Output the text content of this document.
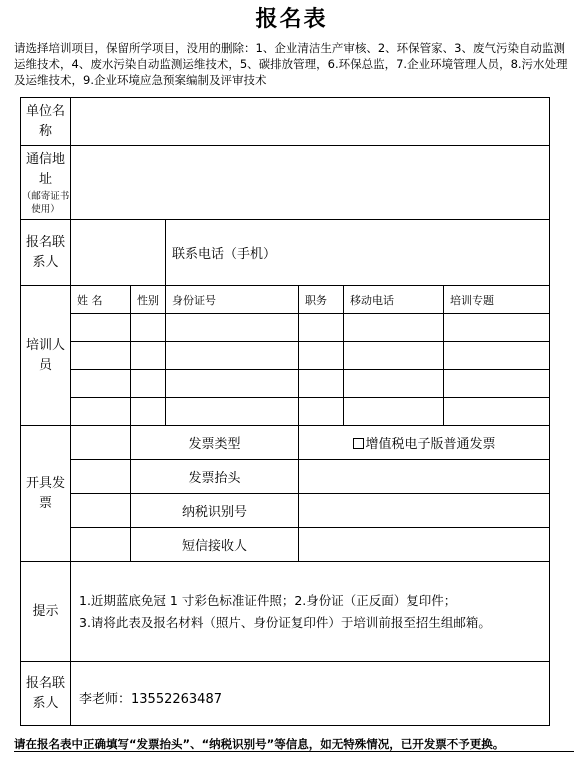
报名表
请选择培训项目，保留所学项目，没用的删除：1、企业清洁生产审核、2、环保管家、3、废气污染自动监测运维技术，4、废水污染自动监测运维技术，5、碳排放管理，6.环保总监，7.企业环境管理人员，8.污水处理及运维技术，9.企业环境应急预案编制及评审技术
单位名称						
通信地址
（邮寄证书使用）						

报名联系人			联系电话（手机）			
培训人员	姓 名	性别	身份证号	职务	移动电话	培训专题

开具发票		发票类型		增值税电子版普通发票		
		发票抬头				
		纳税识别号				
		短信接收人				
提示	1.近期蓝底免冠 1 寸彩色标准证件照；2.身份证（正反面）复印件；
3.请将此表及报名材料（照片、身份证复印件）于培训前报至招生组邮箱。					

报名联系人	李老师：13552263487					
请在报名表中正确填写“发票抬头”、“纳税识别号”等信息，如无特殊情况，已开发票不予更换。
